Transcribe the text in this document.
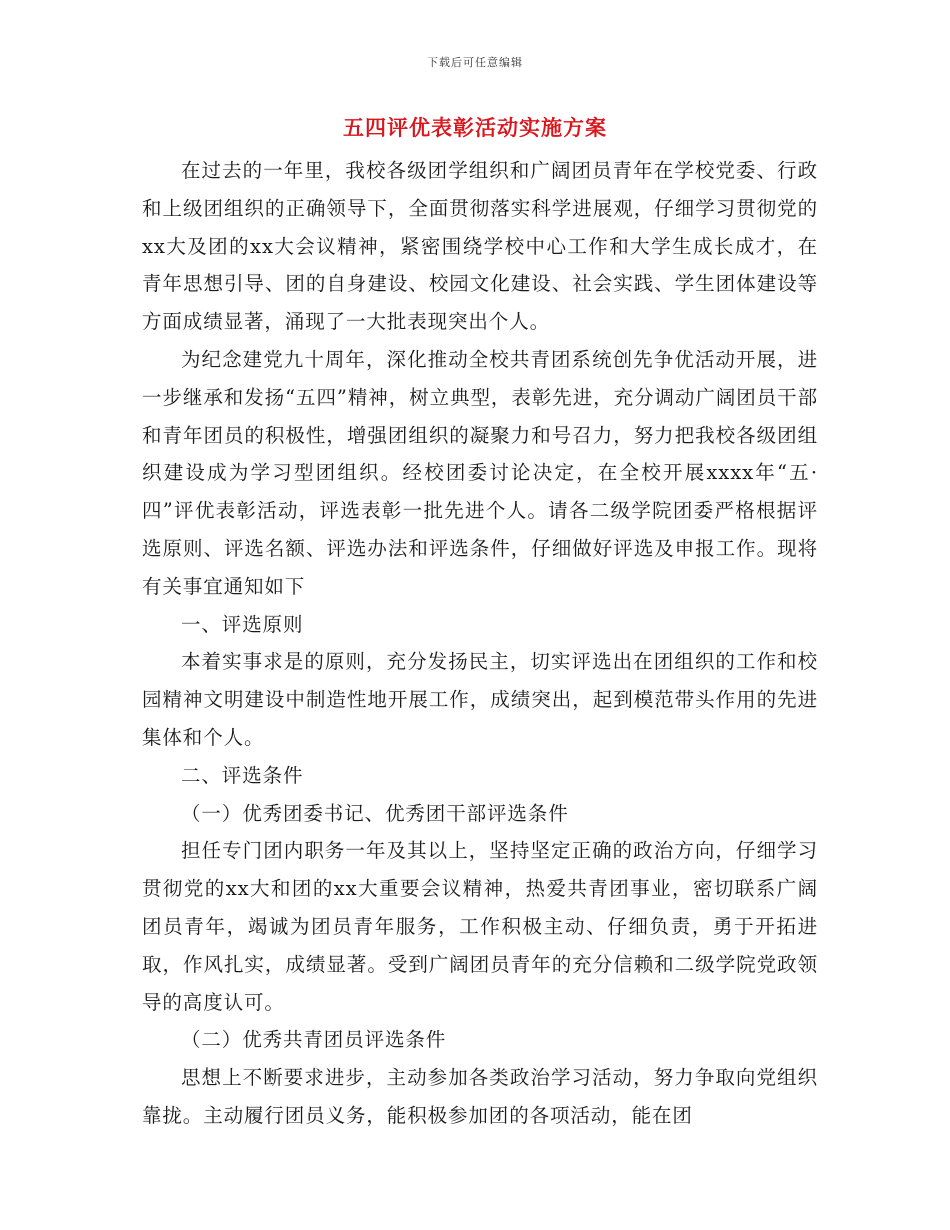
下载后可任意编辑
五四评优表彰活动实施方案

在过去的一年里，我校各级团学组织和广阔团员青年在学校党委、行政和上级团组织的正确领导下，全面贯彻落实科学进展观，仔细学习贯彻党的xx大及团的xx大会议精神，紧密围绕学校中心工作和大学生成长成才，在青年思想引导、团的自身建设、校园文化建设、社会实践、学生团体建设等方面成绩显著，涌现了一大批表现突出个人。

为纪念建党九十周年，深化推动全校共青团系统创先争优活动开展，进一步继承和发扬“五四”精神，树立典型，表彰先进，充分调动广阔团员干部和青年团员的积极性，增强团组织的凝聚力和号召力，努力把我校各级团组织建设成为学习型团组织。经校团委讨论决定，在全校开展xxxx年“五·四”评优表彰活动，评选表彰一批先进个人。请各二级学院团委严格根据评选原则、评选名额、评选办法和评选条件，仔细做好评选及申报工作。现将有关事宜通知如下

一、评选原则

本着实事求是的原则，充分发扬民主，切实评选出在团组织的工作和校园精神文明建设中制造性地开展工作，成绩突出，起到模范带头作用的先进集体和个人。

二、评选条件

（一）优秀团委书记、优秀团干部评选条件

担任专门团内职务一年及其以上，坚持坚定正确的政治方向，仔细学习贯彻党的xx大和团的xx大重要会议精神，热爱共青团事业，密切联系广阔团员青年，竭诚为团员青年服务，工作积极主动、仔细负责，勇于开拓进取，作风扎实，成绩显著。受到广阔团员青年的充分信赖和二级学院党政领导的高度认可。

（二）优秀共青团员评选条件

思想上不断要求进步，主动参加各类政治学习活动，努力争取向党组织靠拢。主动履行团员义务，能积极参加团的各项活动，能在团
